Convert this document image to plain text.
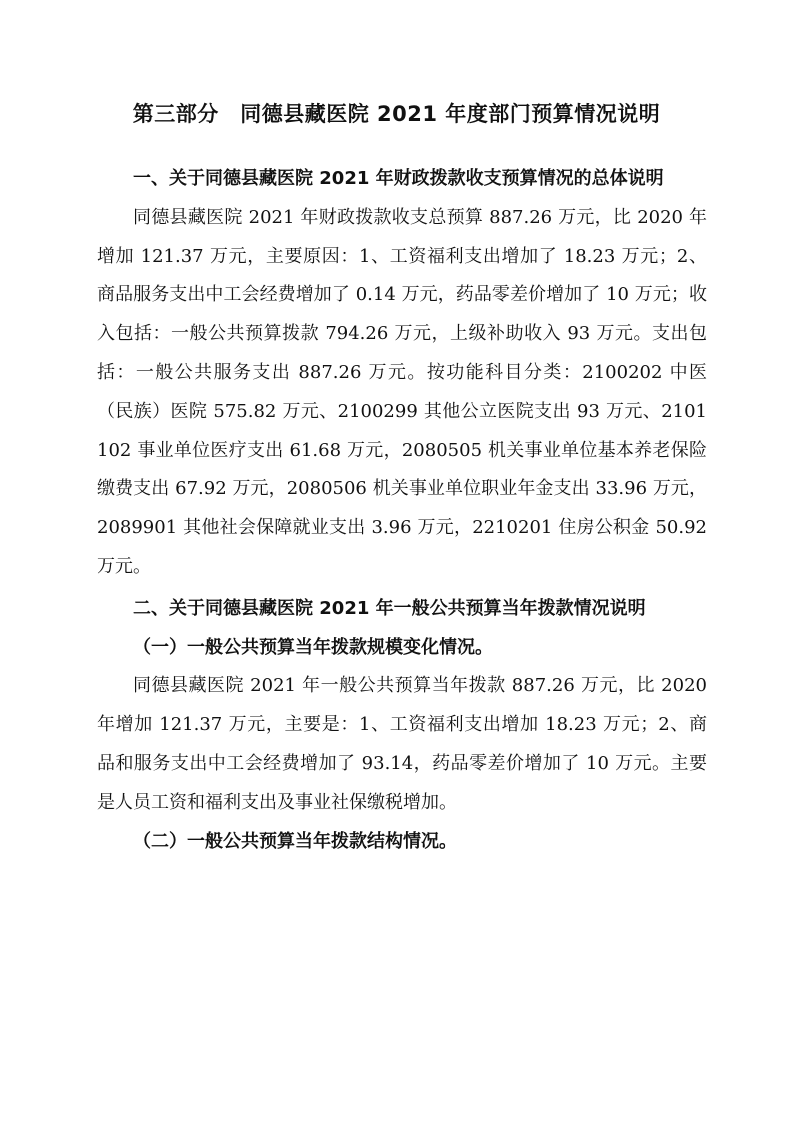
第三部分　同德县藏医院 2021 年度部门预算情况说明

一、关于同德县藏医院 2021 年财政拨款收支预算情况的总体说明

同德县藏医院 2021 年财政拨款收支总预算 887.26 万元，比 2020 年增加 121.37 万元，主要原因：1、工资福利支出增加了 18.23 万元；2、商品服务支出中工会经费增加了 0.14 万元，药品零差价增加了 10 万元；收入包括：一般公共预算拨款 794.26 万元，上级补助收入 93 万元。支出包括：一般公共服务支出 887.26 万元。按功能科目分类：2100202 中医（民族）医院 575.82 万元、2100299 其他公立医院支出 93 万元、2101102 事业单位医疗支出 61.68 万元，2080505 机关事业单位基本养老保险缴费支出 67.92 万元，2080506 机关事业单位职业年金支出 33.96 万元，2089901 其他社会保障就业支出 3.96 万元，2210201 住房公积金 50.92 万元。

二、关于同德县藏医院 2021 年一般公共预算当年拨款情况说明

（一）一般公共预算当年拨款规模变化情况。

同德县藏医院 2021 年一般公共预算当年拨款 887.26 万元，比 2020 年增加 121.37 万元，主要是：1、工资福利支出增加 18.23 万元；2、商品和服务支出中工会经费增加了 93.14，药品零差价增加了 10 万元。主要是人员工资和福利支出及事业社保缴税增加。

（二）一般公共预算当年拨款结构情况。
